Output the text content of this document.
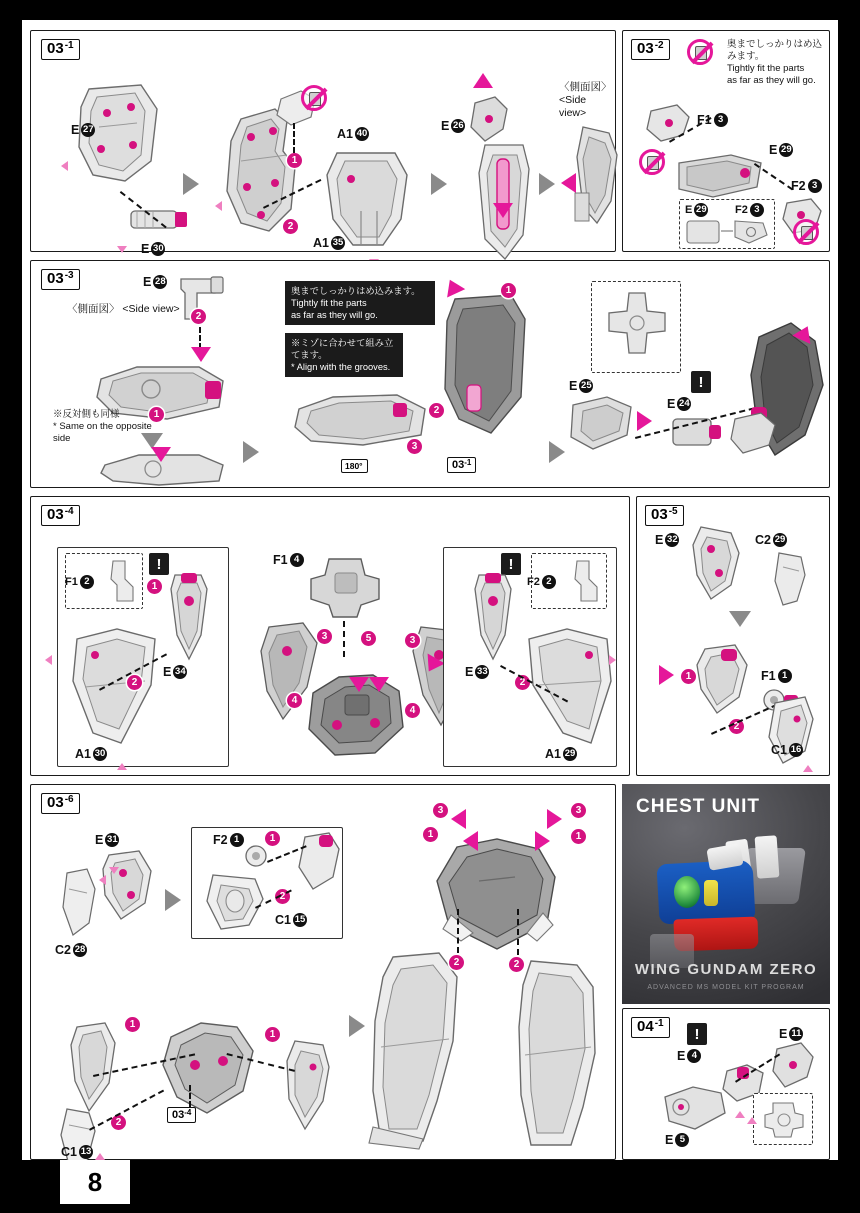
03 -1
E 27
E 30
A1 40
A1 35
1
2
E 26
〈側面図〉 <Side view>
03 -2	奥までしっかりはめ込みます。
Tightly fit the parts
as far as they will go.
F1 3
E 29
F2 3
E 29	F2 3
03 -3	E 28
2
〈側面図〉 <Side view>
1
※反対側も同様
* Same on the opposite side
奥までしっかりはめ込みます。
Tightly fit the parts
as far as they will go.
※ミゾに合わせて組み立てます。
* Align with the grooves.
1
2
3
180°	$03^{-1}$
E 25	!
E 24
03 -4
!
F1 2	1
E 34
A1 30
2
F1 4
3	5
4
3
4
!
F2 2
E 33
A1 29
2
03 -5
E 32	C2 29
1	F1 1
2
C1 16
03 -6
E 31
C2 28
F2 1	1
C1 15
2
1
1
C1 13
2
$03^{-4}$
3
1
3
1
2	2
CHEST UNIT
WING GUNDAM ZERO
ADVANCED MS MODEL KIT PROGRAM
04 -1
!	E 11
E 4
E 5
8
